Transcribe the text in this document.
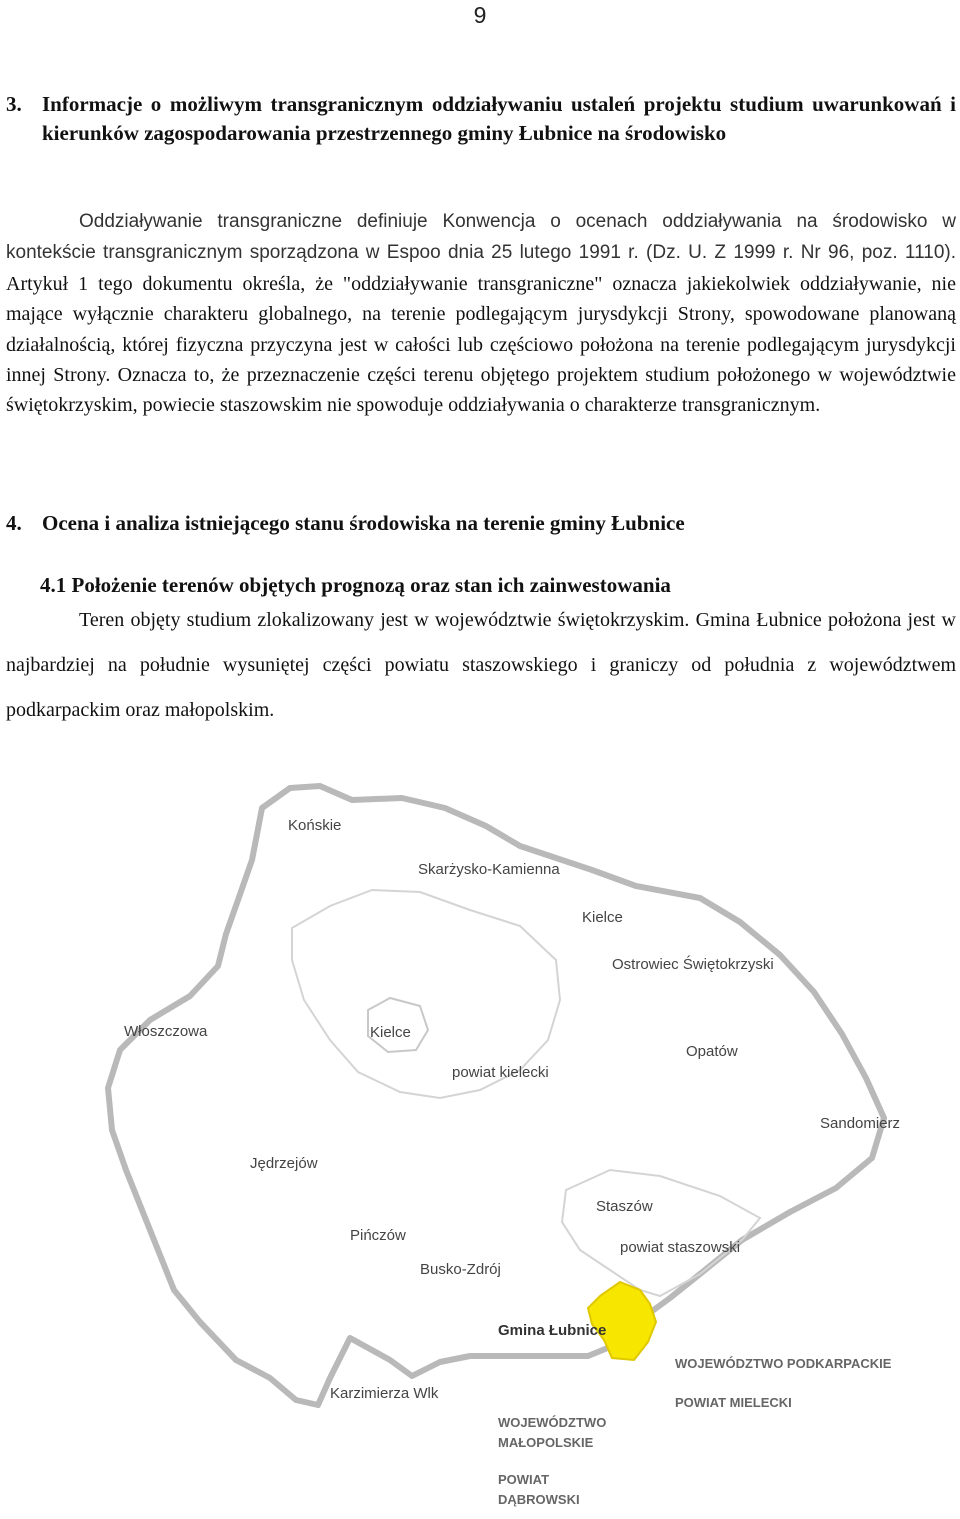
9
3. Informacje o możliwym transgranicznym oddziaływaniu ustaleń projektu studium uwarunkowań i kierunków zagospodarowania przestrzennego gminy Łubnice na środowisko
Oddziaływanie transgraniczne definiuje Konwencja o ocenach oddziaływania na środowisko w kontekście transgranicznym sporządzona w Espoo dnia 25 lutego 1991 r. (Dz. U. Z 1999 r. Nr 96, poz. 1110). Artykuł 1 tego dokumentu określa, że "oddziaływanie transgraniczne" oznacza jakiekolwiek oddziaływanie, nie mające wyłącznie charakteru globalnego, na terenie podlegającym jurysdykcji Strony, spowodowane planowaną działalnością, której fizyczna przyczyna jest w całości lub częściowo położona na terenie podlegającym jurysdykcji innej Strony. Oznacza to, że przeznaczenie części terenu objętego projektem studium położonego w województwie świętokrzyskim, powiecie staszowskim nie spowoduje oddziaływania o charakterze transgranicznym.
4. Ocena i analiza istniejącego stanu środowiska na terenie gminy Łubnice
4.1 Położenie terenów objętych prognozą oraz stan ich zainwestowania
Teren objęty studium zlokalizowany jest w województwie świętokrzyskim. Gmina Łubnice położona jest w najbardziej na południe wysuniętej części powiatu staszowskiego i graniczy od południa z województwem podkarpackim oraz małopolskim.
Końskie
Skarżysko-Kamienna
Kielce
Ostrowiec Świętokrzyski
Włoszczowa	Kielce
Opatów
powiat kielecki
Sandomierz
Jędrzejów
Staszów
powiat staszowski
Pińczów
Busko-Zdrój
Karzimierza Wlk
Gmina Łubnice
WOJEWÓDZTWO PODKARPACKIE
POWIAT MIELECKI
WOJEWÓDZTWO
MAŁOPOLSKIE
POWIAT
DĄBROWSKI
